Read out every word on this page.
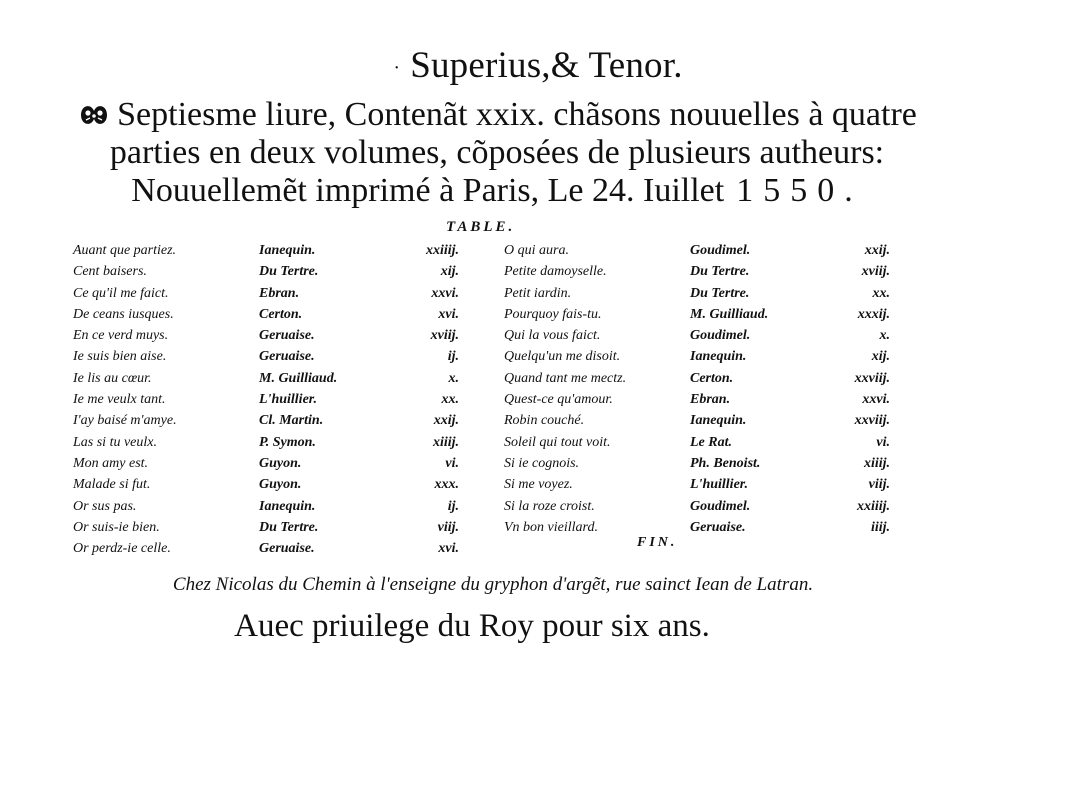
· Superius,& Tenor.
Septiesme liure, Contenãt xxix. chãsons nouuelles à quatre
parties en deux volumes, cõposées de plusieurs autheurs:
Nouuellemẽt imprimé à Paris, Le 24. Iuillet 1550.
TABLE.
Auant que partiez.	Ianequin.	xxiiij.
Cent baisers.	Du Tertre.	xij.
Ce qu'il me faict.	Ebran.	xxvi.
De ceans iusques.	Certon.	xvi.
En ce verd muys.	Geruaise.	xviij.
Ie suis bien aise.	Geruaise.	ij.
Ie lis au cœur.	M. Guilliaud.	x.
Ie me veulx tant.	L'huillier.	xx.
I'ay baisé m'amye.	Cl. Martin.	xxij.
Las si tu veulx.	P. Symon.	xiiij.
Mon amy est.	Guyon.	vi.
Malade si fut.	Guyon.	xxx.
Or sus pas.	Ianequin.	ij.
Or suis-ie bien.	Du Tertre.	viij.
Or perdz-ie celle.	Geruaise.	xvi.
O qui aura.	Goudimel.	xxij.
Petite damoyselle.	Du Tertre.	xviij.
Petit iardin.	Du Tertre.	xx.
Pourquoy fais-tu.	M. Guilliaud.	xxxij.
Qui la vous faict.	Goudimel.	x.
Quelqu'un me disoit.	Ianequin.	xij.
Quand tant me mectz.	Certon.	xxviij.
Quest-ce qu'amour.	Ebran.	xxvi.
Robin couché.	Ianequin.	xxviij.
Soleil qui tout voit.	Le Rat.	vi.
Si ie cognois.	Ph. Benoist.	xiiij.
Si me voyez.	L'huillier.	viij.
Si la roze croist.	Goudimel.	xxiiij.
Vn bon vieillard.	Geruaise.	iiij.
FIN.
Chez Nicolas du Chemin à l'enseigne du gryphon d'argẽt, rue sainct Iean de Latran.
Auec priuilege du Roy pour six ans.
